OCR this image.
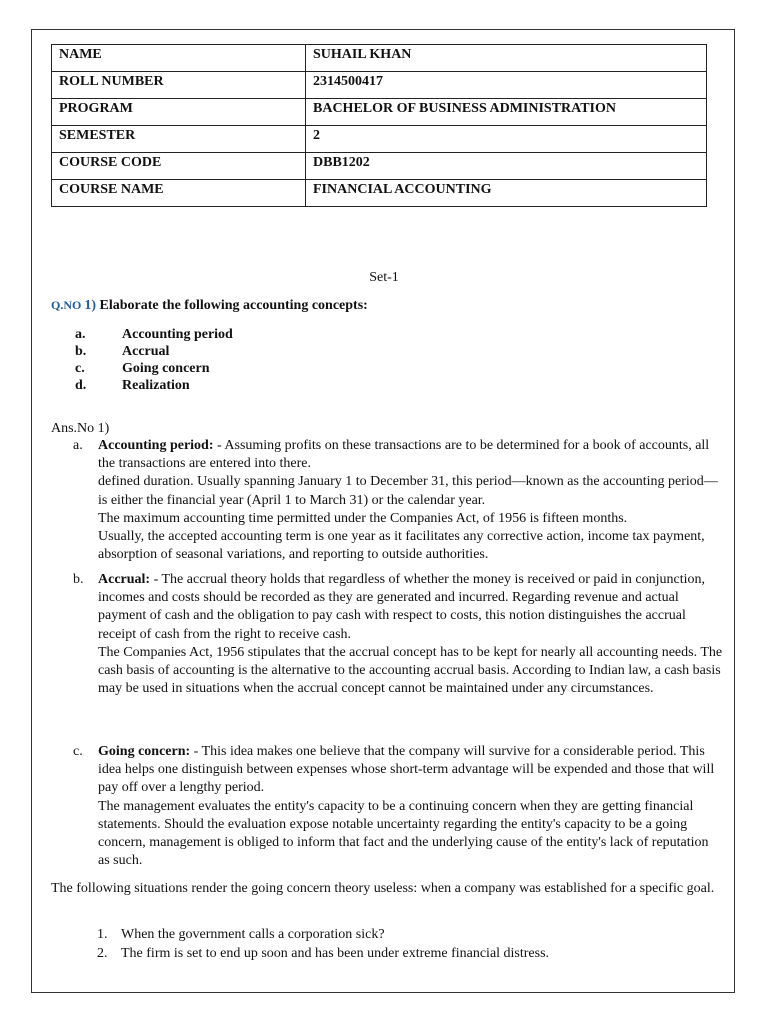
NAME	SUHAIL KHAN
ROLL NUMBER	2314500417
PROGRAM	BACHELOR OF BUSINESS ADMINISTRATION
SEMESTER	2
COURSE CODE	DBB1202
COURSE NAME	FINANCIAL ACCOUNTING
Set-1
Q.NO 1) Elaborate the following accounting concepts:
a.	Accounting period
b.	Accrual
c.	Going concern
d.	Realization
Ans.No 1)
a.	Accounting period: - Assuming profits on these transactions are to be determined for a book of accounts, all the transactions are entered into there.

defined duration. Usually spanning January 1 to December 31, this period—known as the accounting period—is either the financial year (April 1 to March 31) or the calendar year.

The maximum accounting time permitted under the Companies Act, of 1956 is fifteen months.

Usually, the accepted accounting term is one year as it facilitates any corrective action, income tax payment, absorption of seasonal variations, and reporting to outside authorities.

b.	Accrual: - The accrual theory holds that regardless of whether the money is received or paid in conjunction, incomes and costs should be recorded as they are generated and incurred. Regarding revenue and actual payment of cash and the obligation to pay cash with respect to costs, this notion distinguishes the accrual receipt of cash from the right to receive cash.

The Companies Act, 1956 stipulates that the accrual concept has to be kept for nearly all accounting needs. The cash basis of accounting is the alternative to the accounting accrual basis. According to Indian law, a cash basis may be used in situations when the accrual concept cannot be maintained under any circumstances.

c.	Going concern: - This idea makes one believe that the company will survive for a considerable period. This idea helps one distinguish between expenses whose short-term advantage will be expended and those that will pay off over a lengthy period.

The management evaluates the entity's capacity to be a continuing concern when they are getting financial statements. Should the evaluation expose notable uncertainty regarding the entity's capacity to be a going concern, management is obliged to inform that fact and the underlying cause of the entity's lack of reputation as such.

The following situations render the going concern theory useless: when a company was established for a specific goal.
1. When the government calls a corporation sick?
2. The firm is set to end up soon and has been under extreme financial distress.
